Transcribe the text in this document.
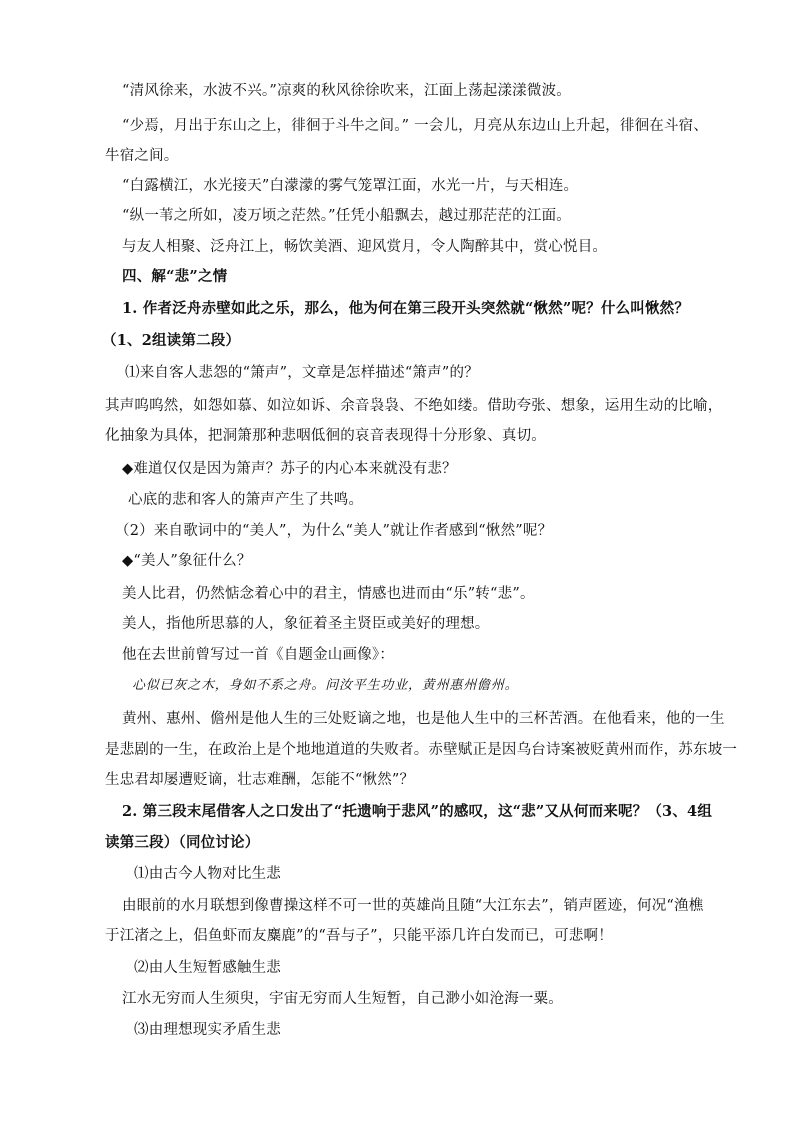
“清风徐来，水波不兴。”凉爽的秋风徐徐吹来，江面上荡起漾漾微波。
“少焉，月出于东山之上，徘徊于斗牛之间。” 一会儿，月亮从东边山上升起，徘徊在斗宿、
牛宿之间。
“白露横江，水光接天”白濛濛的雾气笼罩江面，水光一片，与天相连。
“纵一苇之所如，凌万顷之茫然。”任凭小船飘去，越过那茫茫的江面。
与友人相聚、泛舟江上，畅饮美酒、迎风赏月，令人陶醉其中，赏心悦目。
四、解“悲”之情
1. 作者泛舟赤壁如此之乐，那么，他为何在第三段开头突然就“愀然”呢？什么叫愀然？
（1、2组读第二段）
⑴来自客人悲怨的“箫声”，文章是怎样描述“箫声”的？
其声呜呜然，如怨如慕、如泣如诉、余音袅袅、不绝如缕。借助夸张、想象，运用生动的比喻，
化抽象为具体，把洞箫那种悲咽低徊的哀音表现得十分形象、真切。
◆难道仅仅是因为箫声？苏子的内心本来就没有悲？
心底的悲和客人的箫声产生了共鸣。
（2）来自歌词中的“美人”，为什么“美人”就让作者感到“愀然”呢？
◆“美人”象征什么？
美人比君，仍然惦念着心中的君主，情感也进而由“乐”转“悲”。
美人，指他所思慕的人，象征着圣主贤臣或美好的理想。
他在去世前曾写过一首《自题金山画像》：
心似已灰之木，身如不系之舟。问汝平生功业，黄州惠州儋州。
黄州、惠州、儋州是他人生的三处贬谪之地，也是他人生中的三杯苦酒。在他看来，他的一生
是悲剧的一生，在政治上是个地地道道的失败者。赤壁赋正是因乌台诗案被贬黄州而作，苏东坡一
生忠君却屡遭贬谪，壮志难酬，怎能不“愀然”？
2. 第三段末尾借客人之口发出了“托遗响于悲风”的感叹，这“悲”又从何而来呢？（3、4组
读第三段）（同位讨论）
⑴由古今人物对比生悲
由眼前的水月联想到像曹操这样不可一世的英雄尚且随“大江东去”，销声匿迹，何况“渔樵
于江渚之上，侣鱼虾而友麋鹿”的“吾与子”，只能平添几许白发而已，可悲啊！
⑵由人生短暂感触生悲
江水无穷而人生须臾，宇宙无穷而人生短暂，自己渺小如沧海一粟。
⑶由理想现实矛盾生悲
